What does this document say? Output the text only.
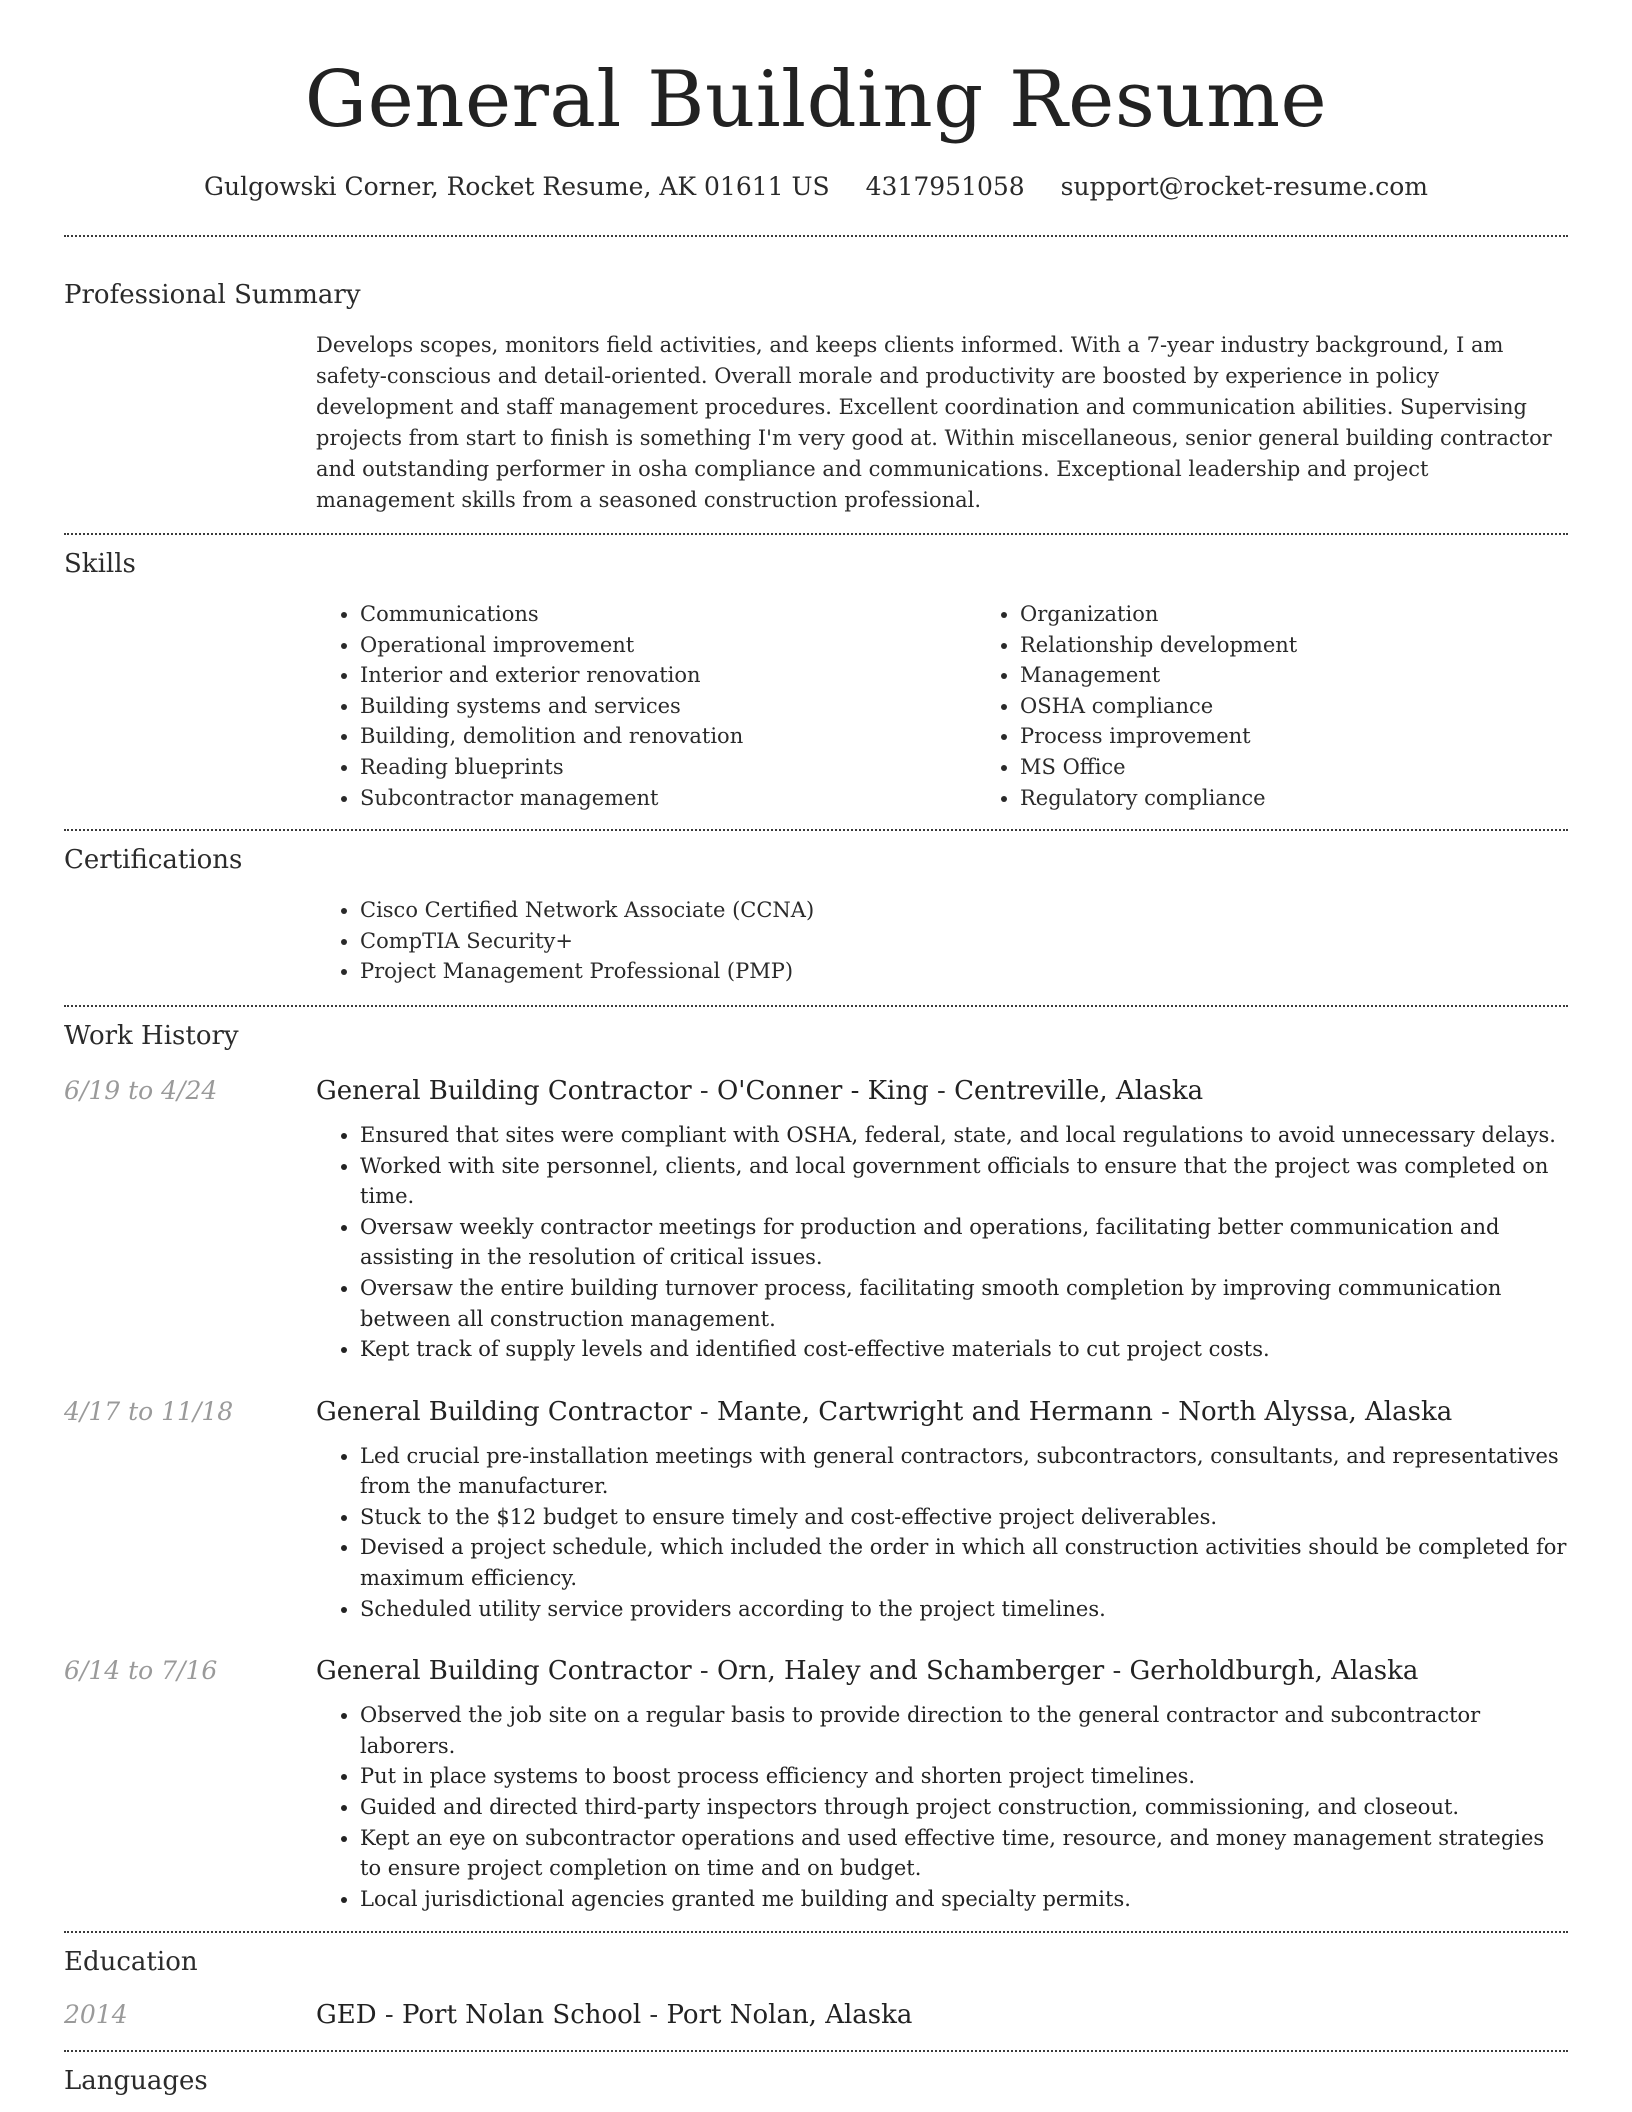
General Building Resume
Gulgowski Corner, Rocket Resume, AK 01611 US 4317951058 support@rocket-resume.com
Professional Summary

Develops scopes, monitors field activities, and keeps clients informed. With a 7-year industry background, I am safety-conscious and detail-oriented. Overall morale and productivity are boosted by experience in policy development and staff management procedures. Excellent coordination and communication abilities. Supervising projects from start to finish is something I'm very good at. Within miscellaneous, senior general building contractor and outstanding performer in osha compliance and communications. Exceptional leadership and project management skills from a seasoned construction professional.

Skills
• Communications
• Operational improvement
• Interior and exterior renovation
• Building systems and services
• Building, demolition and renovation
• Reading blueprints
• Subcontractor management
• Organization
• Relationship development
• Management
• OSHA compliance
• Process improvement
• MS Office
• Regulatory compliance
Certifications
• Cisco Certified Network Associate (CCNA)
• CompTIA Security+
• Project Management Professional (PMP)
Work History
6/19 to 4/24	General Building Contractor - O'Conner - King - Centreville, Alaska
• Ensured that sites were compliant with OSHA, federal, state, and local regulations to avoid unnecessary delays.
• Worked with site personnel, clients, and local government officials to ensure that the project was completed on time.
• Oversaw weekly contractor meetings for production and operations, facilitating better communication and assisting in the resolution of critical issues.
• Oversaw the entire building turnover process, facilitating smooth completion by improving communication between all construction management.
• Kept track of supply levels and identified cost-effective materials to cut project costs.
4/17 to 11/18	General Building Contractor - Mante, Cartwright and Hermann - North Alyssa, Alaska
• Led crucial pre-installation meetings with general contractors, subcontractors, consultants, and representatives from the manufacturer.
• Stuck to the $12 budget to ensure timely and cost-effective project deliverables.
• Devised a project schedule, which included the order in which all construction activities should be completed for maximum efficiency.
• Scheduled utility service providers according to the project timelines.
6/14 to 7/16	General Building Contractor - Orn, Haley and Schamberger - Gerholdburgh, Alaska
• Observed the job site on a regular basis to provide direction to the general contractor and subcontractor laborers.
• Put in place systems to boost process efficiency and shorten project timelines.
• Guided and directed third-party inspectors through project construction, commissioning, and closeout.
• Kept an eye on subcontractor operations and used effective time, resource, and money management strategies to ensure project completion on time and on budget.
• Local jurisdictional agencies granted me building and specialty permits.
Education
2014	GED - Port Nolan School - Port Nolan, Alaska
Languages
